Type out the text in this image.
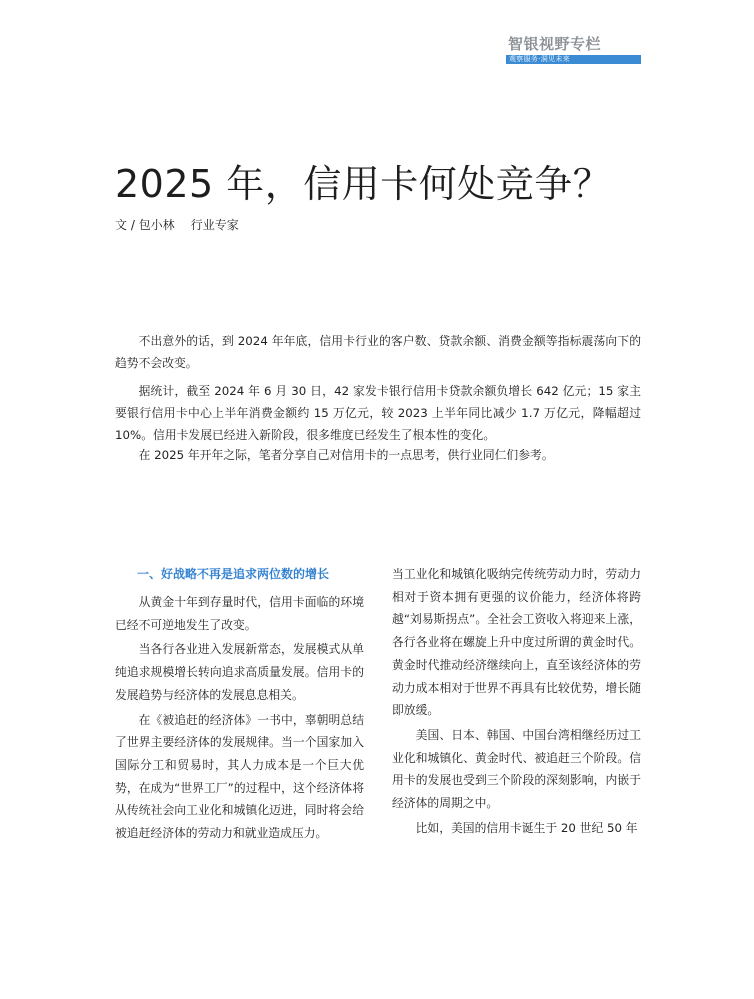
智银视野专栏
观察服务·洞见未来
2025 年，信用卡何处竞争？
文 / 包小林 行业专家

不出意外的话，到 2024 年年底，信用卡行业的客户数、贷款余额、消费金额等指标震荡向下的趋势不会改变。

据统计，截至 2024 年 6 月 30 日，42 家发卡银行信用卡贷款余额负增长 642 亿元；15 家主要银行信用卡中心上半年消费金额约 15 万亿元，较 2023 上半年同比减少 1.7 万亿元，降幅超过 10%。信用卡发展已经进入新阶段，很多维度已经发生了根本性的变化。

在 2025 年开年之际，笔者分享自己对信用卡的一点思考，供行业同仁们参考。

一、好战略不再是追求两位数的增长

从黄金十年到存量时代，信用卡面临的环境已经不可逆地发生了改变。

当各行各业进入发展新常态，发展模式从单纯追求规模增长转向追求高质量发展。信用卡的发展趋势与经济体的发展息息相关。

在《被追赶的经济体》一书中，辜朝明总结了世界主要经济体的发展规律。当一个国家加入国际分工和贸易时，其人力成本是一个巨大优势，在成为“世界工厂”的过程中，这个经济体将从传统社会向工业化和城镇化迈进，同时将会给被追赶经济体的劳动力和就业造成压力。

当工业化和城镇化吸纳完传统劳动力时，劳动力相对于资本拥有更强的议价能力，经济体将跨越“刘易斯拐点”。全社会工资收入将迎来上涨，各行各业将在螺旋上升中度过所谓的黄金时代。黄金时代推动经济继续向上，直至该经济体的劳动力成本相对于世界不再具有比较优势，增长随即放缓。

美国、日本、韩国、中国台湾相继经历过工业化和城镇化、黄金时代、被追赶三个阶段。信用卡的发展也受到三个阶段的深刻影响，内嵌于经济体的周期之中。

比如，美国的信用卡诞生于 20 世纪 50 年
